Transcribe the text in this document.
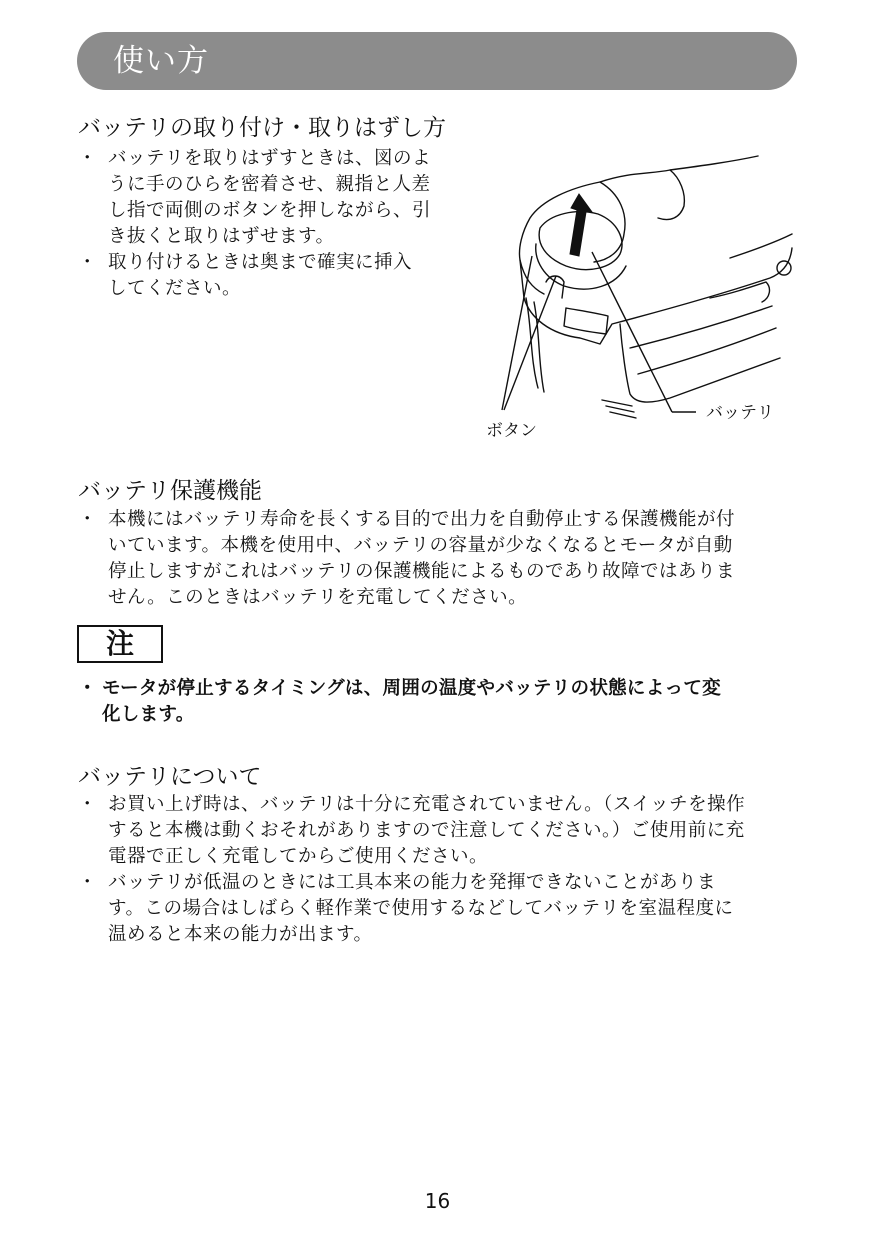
使い方
バッテリの取り付け・取りはずし方
・ バッテリを取りはずすときは、図のよ
うに手のひらを密着させ、親指と人差
し指で両側のボタンを押しながら、引
き抜くと取りはずせます。
・ 取り付けるときは奥まで確実に挿入
してください。
ボタン
バッテリ
バッテリ保護機能
・ 本機にはバッテリ寿命を長くする目的で出力を自動停止する保護機能が付
いています。本機を使用中、バッテリの容量が少なくなるとモータが自動
停止しますがこれはバッテリの保護機能によるものであり故障ではありま
せん。このときはバッテリを充電してください。
注
・ モータが停止するタイミングは、周囲の温度やバッテリの状態によって変
化します。
バッテリについて
・ お買い上げ時は、バッテリは十分に充電されていません。（スイッチを操作
すると本機は動くおそれがありますので注意してください。）ご使用前に充
電器で正しく充電してからご使用ください。
・ バッテリが低温のときには工具本来の能力を発揮できないことがありま
す。この場合はしばらく軽作業で使用するなどしてバッテリを室温程度に
温めると本来の能力が出ます。
16
